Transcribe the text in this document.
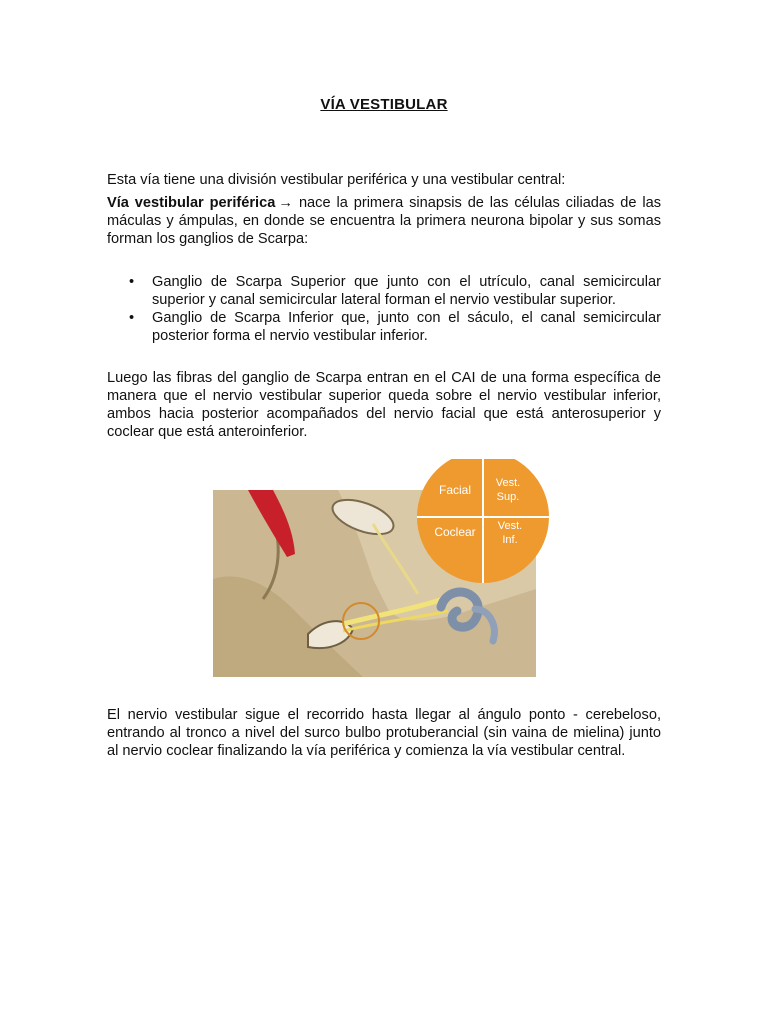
VÍA VESTIBULAR

Esta vía tiene una división vestibular periférica y una vestibular central:

Vía vestibular periférica → nace la primera sinapsis de las células ciliadas de las máculas y ámpulas, en donde se encuentra la primera neurona bipolar y sus somas forman los ganglios de Scarpa:

• Ganglio de Scarpa Superior que junto con el utrículo, canal semicircular superior y canal semicircular lateral forman el nervio vestibular superior.
• Ganglio de Scarpa Inferior que, junto con el sáculo, el canal semicircular posterior forma el nervio vestibular inferior.

Luego las fibras del ganglio de Scarpa entran en el CAI de una forma específica de manera que el nervio vestibular superior queda sobre el nervio vestibular inferior, ambos hacia posterior acompañados del nervio facial que está anterosuperior y coclear que está anteroinferior.

Facial Vest.
Sup.
Coclear Vest.
Inf.

El nervio vestibular sigue el recorrido hasta llegar al ángulo ponto - cerebeloso, entrando al tronco a nivel del surco bulbo protuberancial (sin vaina de mielina) junto al nervio coclear finalizando la vía periférica y comienza la vía vestibular central.
